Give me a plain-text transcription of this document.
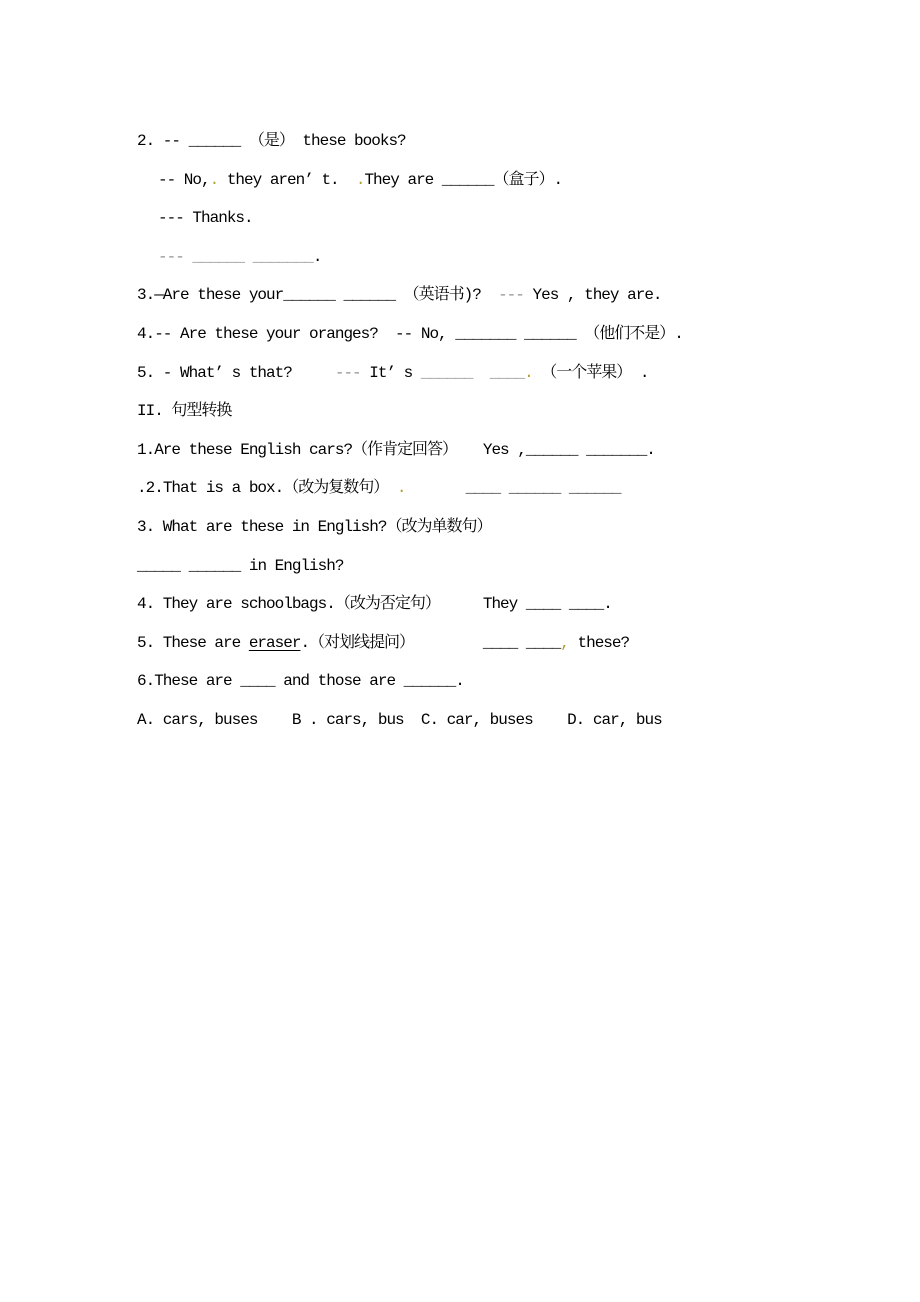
2. -- ______ （是） these books?
-- No,. they aren’ t.  .They are ______（盒子）.
--- Thanks.
--- ______ _______.
3.—Are these your______ ______ （英语书)?  --- Yes , they are.
4.-- Are these your oranges?  -- No, _______ ______ （他们不是）.
5. - What’ s that?     --- It’ s ______ ____. （一个苹果） .
II. 句型转换
1.Are these English cars?（作肯定回答）   Yes ,______ _______.
.2.That is a box.（改为复数句） .	____ ______ ______
3. What are these in English?（改为单数句）
_____ ______ in English?
4. They are schoolbags.（改为否定句）     They ____ ____.
5. These are eraser.（对划线提问）        ____ ____, these?
6.These are ____ and those are ______.
A. cars, buses    B . cars, bus  C. car, buses    D. car, bus
